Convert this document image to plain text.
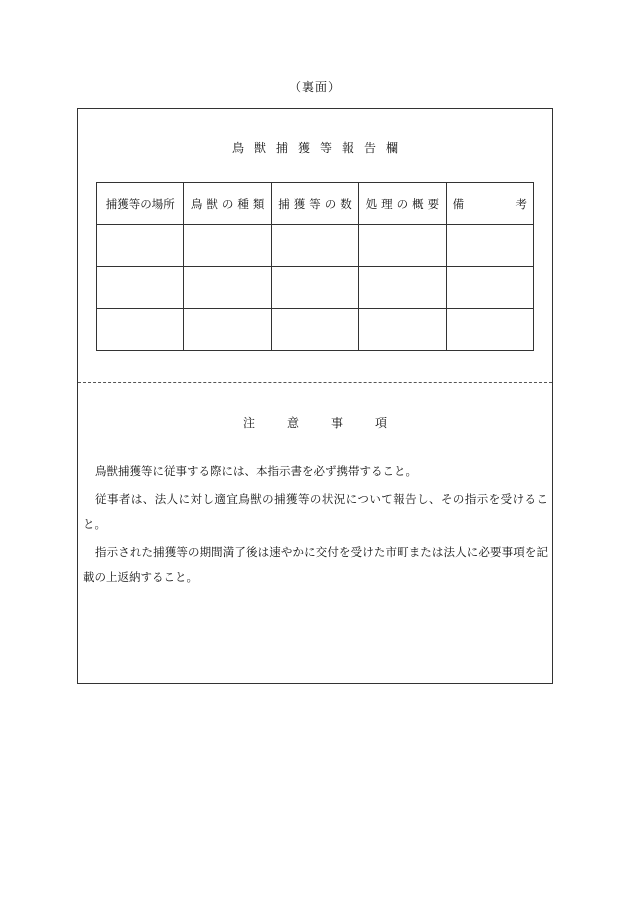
（裏面）
鳥 獣 捕 獲 等 報 告 欄
捕獲等の場所	鳥 獣 の 種 類	捕 獲 等 の 数	処 理 の 概 要	備 考

注	意	事	項

鳥獣捕獲等に従事する際には、本指示書を必ず携帯すること。

従事者は、法人に対し適宜鳥獣の捕獲等の状況について報告し、その指示を受けること。

指示された捕獲等の期間満了後は速やかに交付を受けた市町または法人に必要事項を記載の上返納すること。
